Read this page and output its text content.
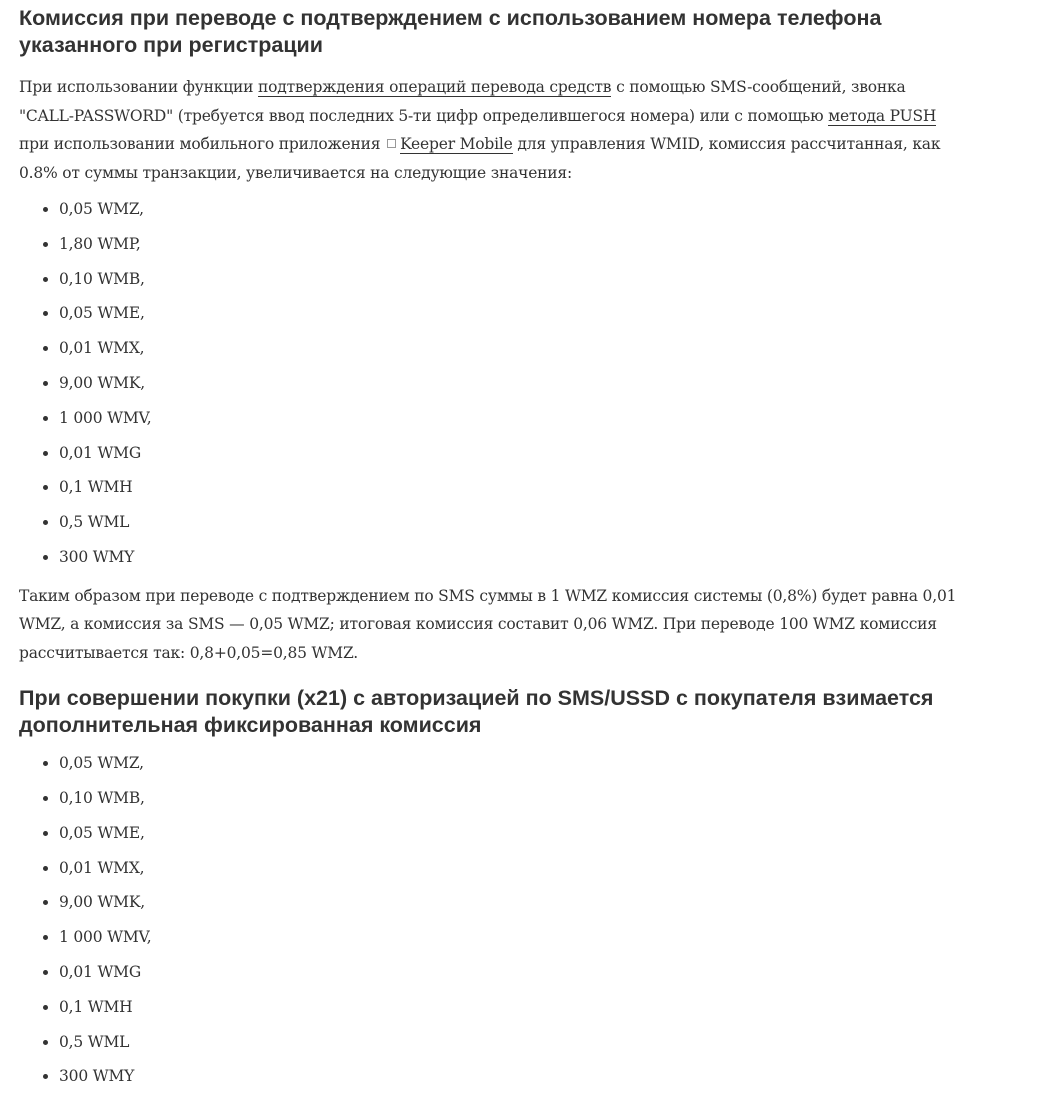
Комиссия при переводе с подтверждением с использованием номера телефона указанного при регистрации

При использовании функции подтверждения операций перевода средств с помощью SMS-сообщений, звонка "CALL-PASSWORD" (требуется ввод последних 5-ти цифр определившегося номера) или с помощью метода PUSH при использовании мобильного приложения Keeper Mobile для управления WMID, комиссия рассчитанная, как 0.8% от суммы транзакции, увеличивается на следующие значения:

• 0,05 WMZ,
• 1,80 WMP,
• 0,10 WMB,
• 0,05 WME,
• 0,01 WMX,
• 9,00 WMK,
• 1 000 WMV,
• 0,01 WMG
• 0,1 WMH
• 0,5 WML
• 300 WMY

Таким образом при переводе с подтверждением по SMS суммы в 1 WMZ комиссия системы (0,8%) будет равна 0,01 WMZ, а комиссия за SMS — 0,05 WMZ; итоговая комиссия составит 0,06 WMZ. При переводе 100 WMZ комиссия рассчитывается так: 0,8+0,05=0,85 WMZ.

При совершении покупки (x21) с авторизацией по SMS/USSD с покупателя взимается дополнительная фиксированная комиссия
• 0,05 WMZ,
• 0,10 WMB,
• 0,05 WME,
• 0,01 WMX,
• 9,00 WMK,
• 1 000 WMV,
• 0,01 WMG
• 0,1 WMH
• 0,5 WML
• 300 WMY
